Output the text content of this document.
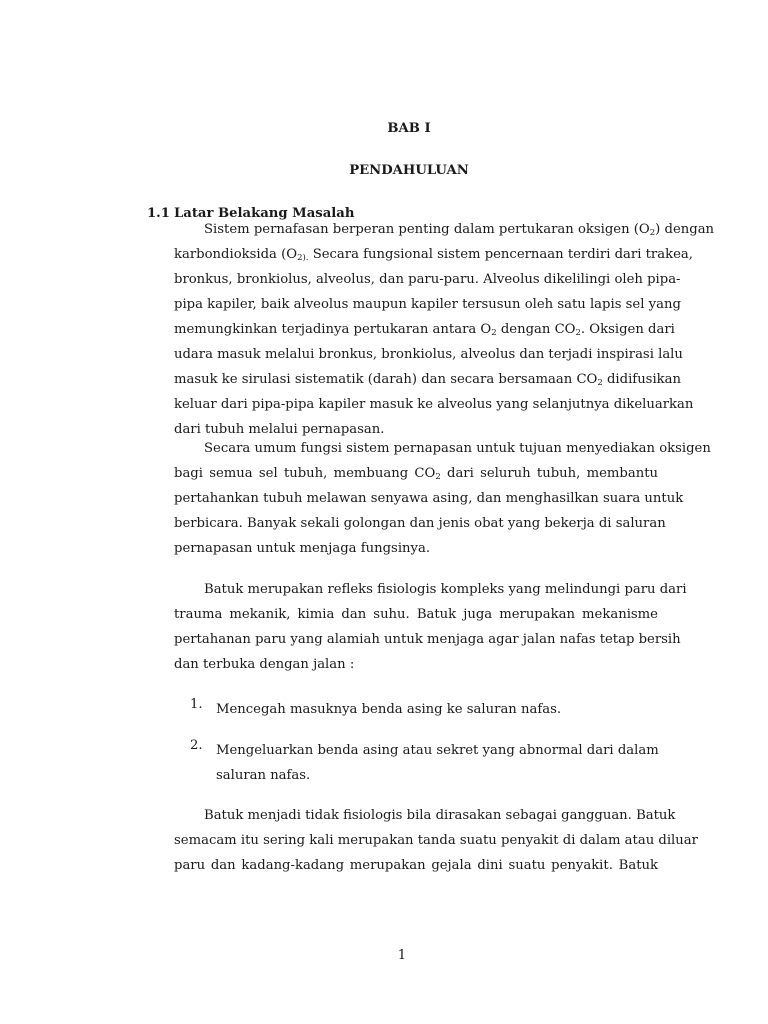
BAB I
PENDAHULUAN
1.1 Latar Belakang Masalah
Sistem pernafasan berperan penting dalam pertukaran oksigen $(O_2)$ dengan
karbondioksida ($O_{2).}$ Secara fungsional sistem pencernaan terdiri dari trakea,
bronkus, bronkiolus, alveolus, dan paru-paru. Alveolus dikelilingi oleh pipa-
pipa kapiler, baik alveolus maupun kapiler tersusun oleh satu lapis sel yang
memungkinkan terjadinya pertukaran antara $O_2$ dengan $CO_2$. Oksigen dari
udara masuk melalui bronkus, bronkiolus, alveolus dan terjadi inspirasi lalu
masuk ke sirulasi sistematik (darah) dan secara bersamaan $CO_2$ didifusikan
keluar dari pipa-pipa kapiler masuk ke alveolus yang selanjutnya dikeluarkan
dari tubuh melalui pernapasan.
Secara umum fungsi sistem pernapasan untuk tujuan menyediakan oksigen
bagi semua sel tubuh, membuang $CO_2$ dari seluruh tubuh, membantu
pertahankan tubuh melawan senyawa asing, dan menghasilkan suara untuk
berbicara. Banyak sekali golongan dan jenis obat yang bekerja di saluran
pernapasan untuk menjaga fungsinya.
Batuk merupakan refleks fisiologis kompleks yang melindungi paru dari
trauma mekanik, kimia dan suhu. Batuk juga merupakan mekanisme
pertahanan paru yang alamiah untuk menjaga agar jalan nafas tetap bersih
dan terbuka dengan jalan :
1. Mencegah masuknya benda asing ke saluran nafas.
2. Mengeluarkan benda asing atau sekret yang abnormal dari dalam
saluran nafas.
Batuk menjadi tidak fisiologis bila dirasakan sebagai gangguan. Batuk
semacam itu sering kali merupakan tanda suatu penyakit di dalam atau diluar
paru dan kadang-kadang merupakan gejala dini suatu penyakit. Batuk
1
